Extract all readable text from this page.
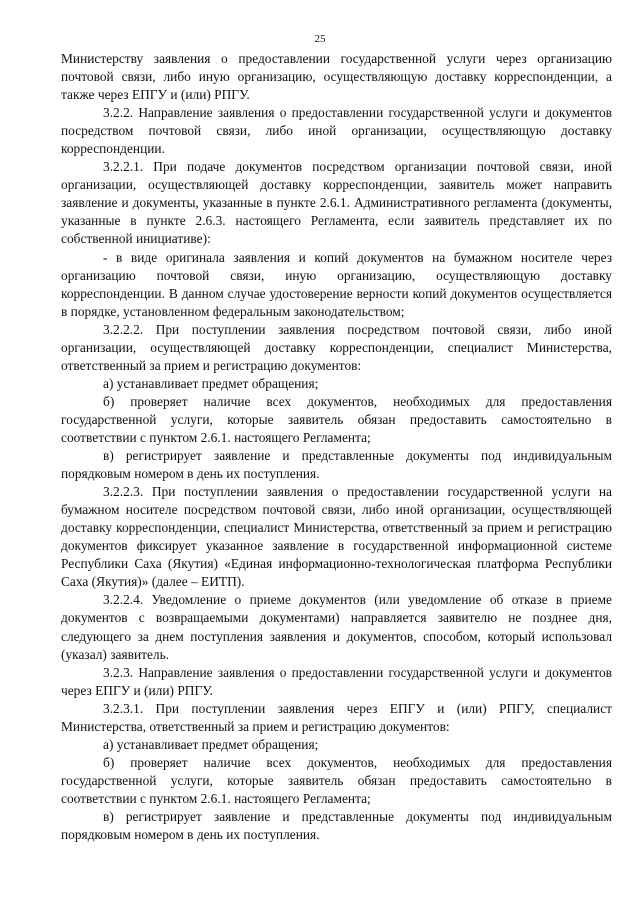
25

Министерству заявления о предоставлении государственной услуги через организацию почтовой связи, либо иную организацию, осуществляющую доставку корреспонденции, а также через ЕПГУ и (или) РПГУ.

3.2.2. Направление заявления о предоставлении государственной услуги и документов посредством почтовой связи, либо иной организации, осуществляющую доставку корреспонденции.

3.2.2.1. При подаче документов посредством организации почтовой связи, иной организации, осуществляющей доставку корреспонденции, заявитель может направить заявление и документы, указанные в пункте 2.6.1. Административного регламента (документы, указанные в пункте 2.6.3. настоящего Регламента, если заявитель представляет их по собственной инициативе):

- в виде оригинала заявления и копий документов на бумажном носителе через организацию почтовой связи, иную организацию, осуществляющую доставку корреспонденции. В данном случае удостоверение верности копий документов осуществляется в порядке, установленном федеральным законодательством;

3.2.2.2. При поступлении заявления посредством почтовой связи, либо иной организации, осуществляющей доставку корреспонденции, специалист Министерства, ответственный за прием и регистрацию документов:

а) устанавливает предмет обращения;

б) проверяет наличие всех документов, необходимых для предоставления государственной услуги, которые заявитель обязан предоставить самостоятельно в соответствии с пунктом 2.6.1. настоящего Регламента;

в) регистрирует заявление и представленные документы под индивидуальным порядковым номером в день их поступления.

3.2.2.3. При поступлении заявления о предоставлении государственной услуги на бумажном носителе посредством почтовой связи, либо иной организации, осуществляющей доставку корреспонденции, специалист Министерства, ответственный за прием и регистрацию документов фиксирует указанное заявление в государственной информационной системе Республики Саха (Якутия) «Единая информационно-технологическая платформа Республики Саха (Якутия)» (далее – ЕИТП).

3.2.2.4. Уведомление о приеме документов (или уведомление об отказе в приеме документов с возвращаемыми документами) направляется заявителю не позднее дня, следующего за днем поступления заявления и документов, способом, который использовал (указал) заявитель.

3.2.3. Направление заявления о предоставлении государственной услуги и документов через ЕПГУ и (или) РПГУ.

3.2.3.1. При поступлении заявления через ЕПГУ и (или) РПГУ, специалист Министерства, ответственный за прием и регистрацию документов:

а) устанавливает предмет обращения;

б) проверяет наличие всех документов, необходимых для предоставления государственной услуги, которые заявитель обязан предоставить самостоятельно в соответствии с пунктом 2.6.1. настоящего Регламента;

в) регистрирует заявление и представленные документы под индивидуальным порядковым номером в день их поступления.
